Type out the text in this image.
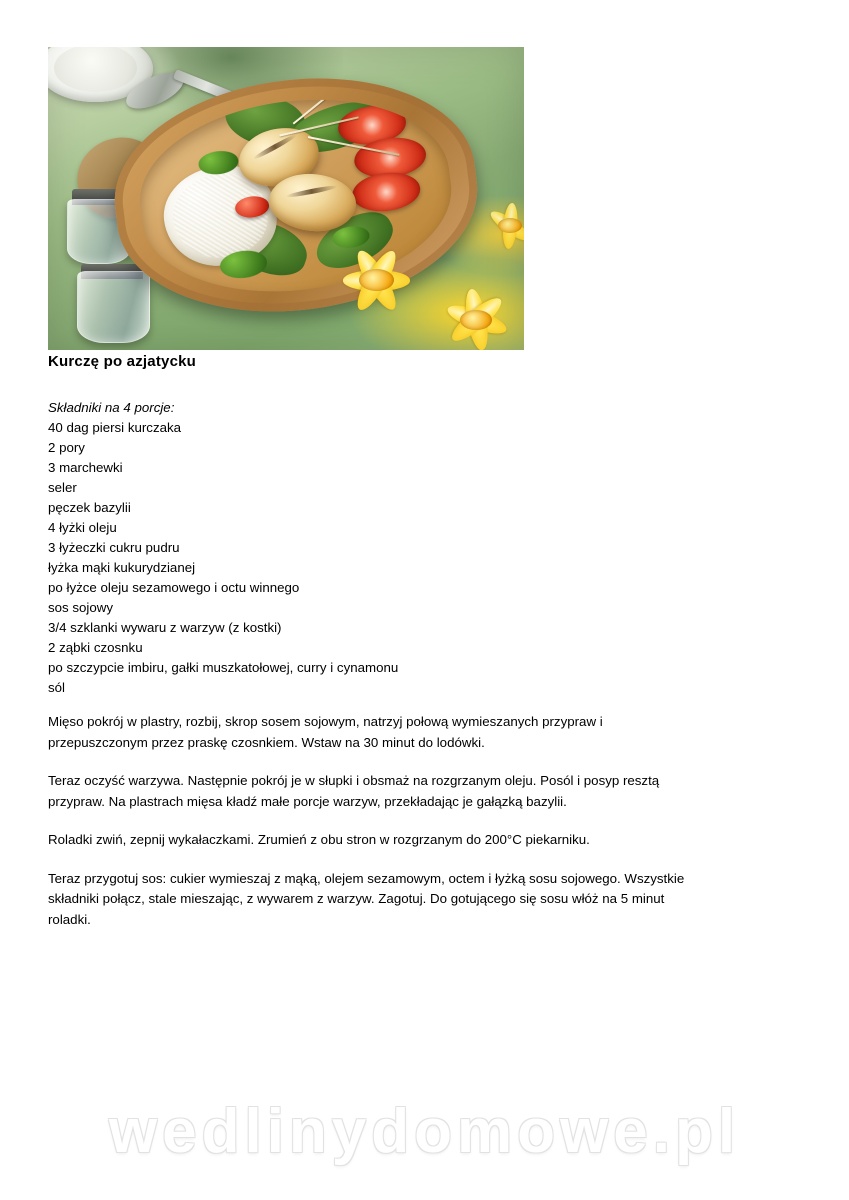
Kurczę po azjatycku
Składniki na 4 porcje:
40 dag piersi kurczaka
2 pory
3 marchewki
seler
pęczek bazylii
4 łyżki oleju
3 łyżeczki cukru pudru
łyżka mąki kukurydzianej
po łyżce oleju sezamowego i octu winnego
sos sojowy
3/4 szklanki wywaru z warzyw (z kostki)
2 ząbki czosnku
po szczypcie imbiru, gałki muszkatołowej, curry i cynamonu
sól

Mięso pokrój w plastry, rozbij, skrop sosem sojowym, natrzyj połową wymieszanych przypraw i przepuszczonym przez praskę czosnkiem. Wstaw na 30 minut do lodówki.

Teraz oczyść warzywa. Następnie pokrój je w słupki i obsmaż na rozgrzanym oleju. Posól i posyp resztą przypraw. Na plastrach mięsa kładź małe porcje warzyw, przekładając je gałązką bazylii.

Roladki zwiń, zepnij wykałaczkami. Zrumień z obu stron w rozgrzanym do 200°C piekarniku.

Teraz przygotuj sos: cukier wymieszaj z mąką, olejem sezamowym, octem i łyżką sosu sojowego. Wszystkie składniki połącz, stale mieszając, z wywarem z warzyw. Zagotuj. Do gotującego się sosu włóż na 5 minut roladki.

wedlinydomowe.pl
